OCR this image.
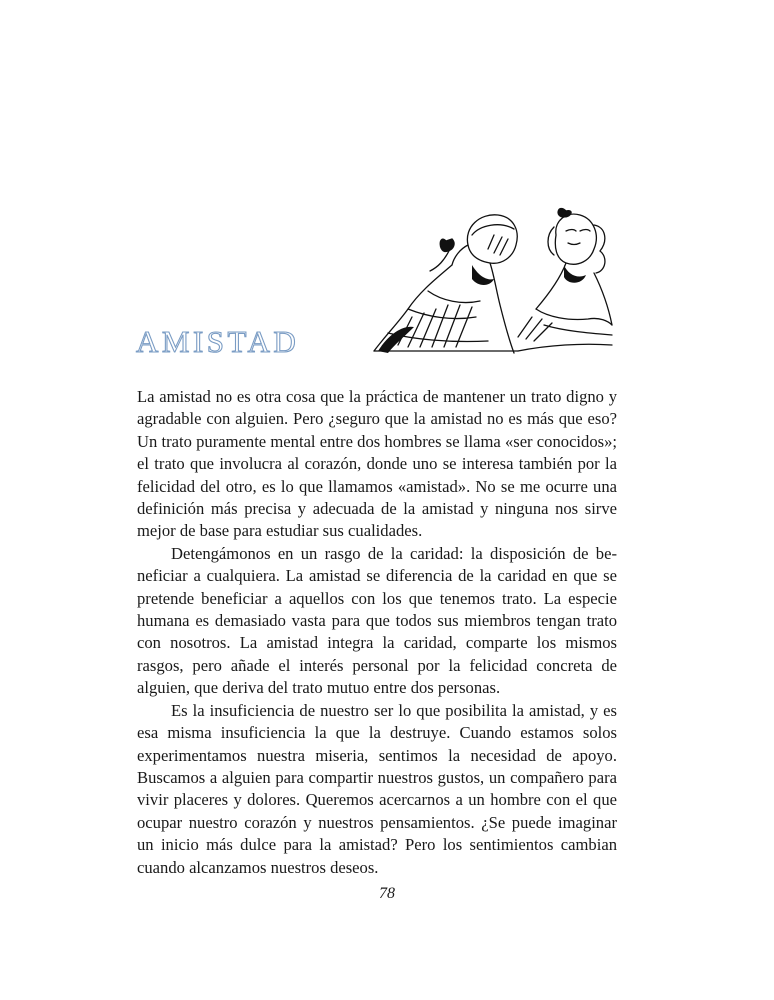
AMISTAD

La amistad no es otra cosa que la práctica de mantener un trato digno y agradable con alguien. Pero ¿seguro que la amistad no es más que eso? Un trato puramente mental entre dos hombres se llama «ser conocidos»; el trato que involucra al corazón, donde uno se interesa también por la felicidad del otro, es lo que llamamos «amistad». No se me ocurre una definición más precisa y adecuada de la amistad y ninguna nos sirve mejor de base para estudiar sus cualidades.

Detengámonos en un rasgo de la caridad: la disposición de beneficiar a cualquiera. La amistad se diferencia de la caridad en que se pretende beneficiar a aquellos con los que tenemos trato. La especie humana es demasiado vasta para que todos sus miembros tengan trato con nosotros. La amistad integra la caridad, comparte los mismos rasgos, pero añade el interés personal por la felicidad concreta de alguien, que deriva del trato mutuo entre dos personas.

Es la insuficiencia de nuestro ser lo que posibilita la amistad, y es esa misma insuficiencia la que la destruye. Cuando estamos solos experimentamos nuestra miseria, sentimos la necesidad de apoyo. Buscamos a alguien para compartir nuestros gustos, un compañero para vivir placeres y dolores. Queremos acercarnos a un hombre con el que ocupar nuestro corazón y nuestros pensamientos. ¿Se puede imaginar un inicio más dulce para la amistad? Pero los sentimientos cambian cuando alcanzamos nuestros deseos.

78
